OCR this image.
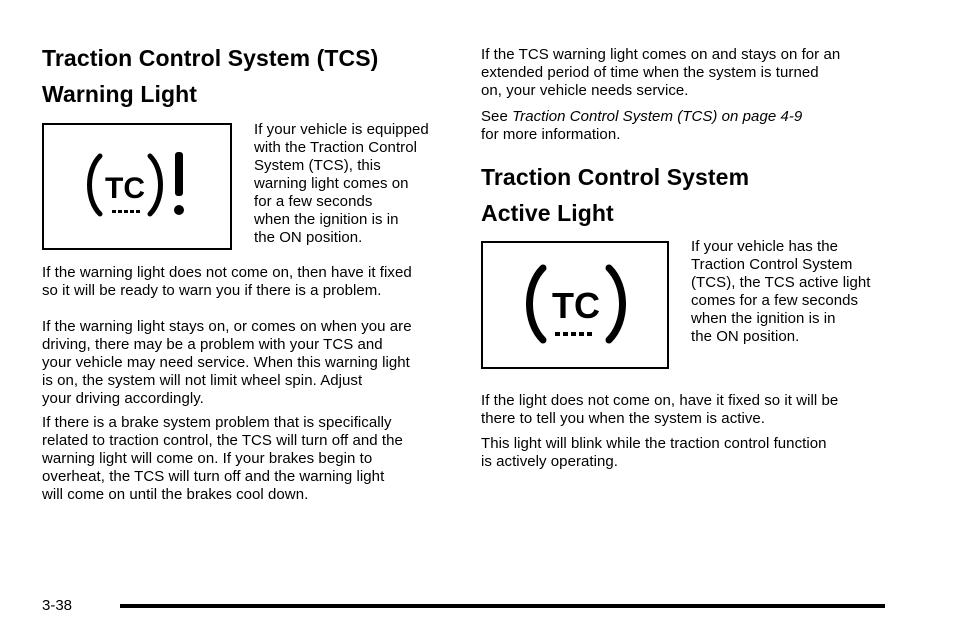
Traction Control System (TCS)
Warning Light
TC

If your vehicle is equipped

with the Traction Control

System (TCS), this

warning light comes on

for a few seconds

when the ignition is in

the ON position.

If the warning light does not come on, then have it fixed

so it will be ready to warn you if there is a problem.

If the warning light stays on, or comes on when you are

driving, there may be a problem with your TCS and

your vehicle may need service. When this warning light

is on, the system will not limit wheel spin. Adjust

your driving accordingly.

If there is a brake system problem that is specifically

related to traction control, the TCS will turn off and the

warning light will come on. If your brakes begin to

overheat, the TCS will turn off and the warning light

will come on until the brakes cool down.

If the TCS warning light comes on and stays on for an

extended period of time when the system is turned

on, your vehicle needs service.

See Traction Control System (TCS) on page 4-9

for more information.

Traction Control System
Active Light
TC

If your vehicle has the

Traction Control System

(TCS), the TCS active light

comes for a few seconds

when the ignition is in

the ON position.

If the light does not come on, have it fixed so it will be

there to tell you when the system is active.

This light will blink while the traction control function

is actively operating.

3-38
